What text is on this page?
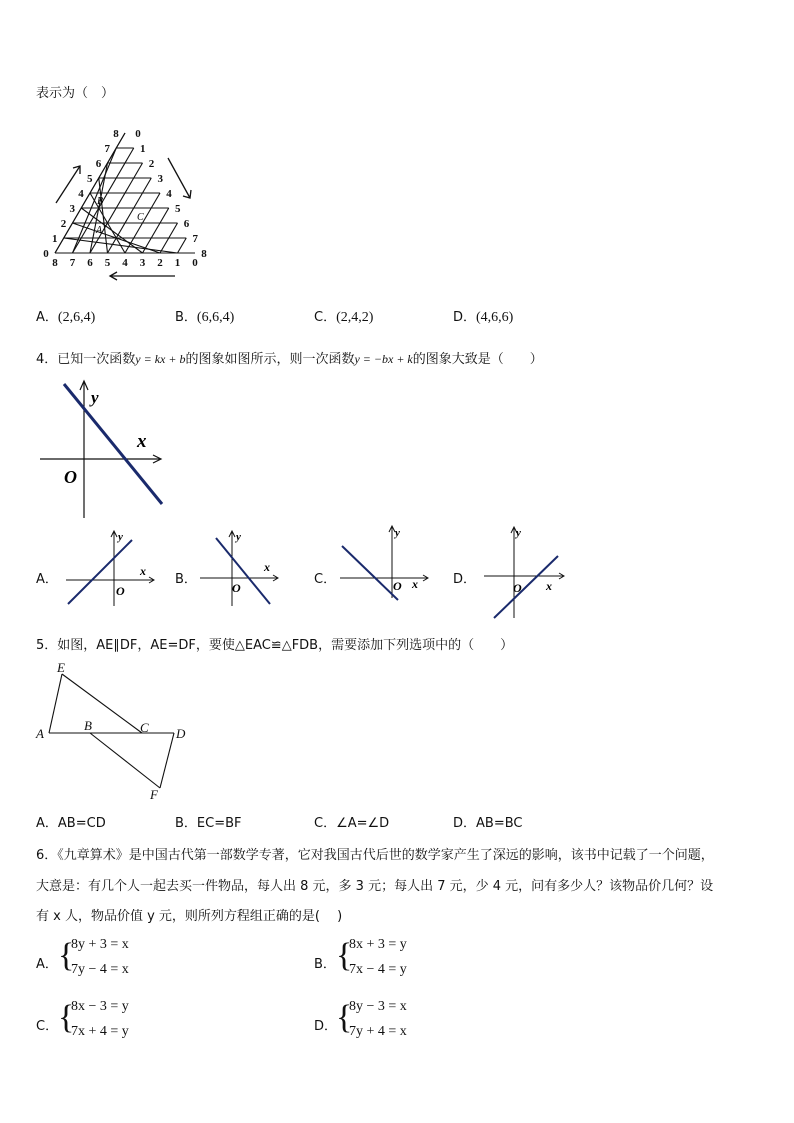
表示为（　）
0
1
2
3
4
5
6
7
8 0
1
2
3
4
5
6
7
8
8 7 6 5 4 3 2 1 0
B
C
A
A．(2,6,4)	B．(6,6,4)	C．(2,4,2)	D．(4,6,6)
4．已知一次函数y = kx + b的图象如图所示，则一次函数y = −bx + k的图象大致是（　　）
y
x
O
A．
y
x
O
B．
y
x
O
C．
y
x
O	D．
y
x
O
5．如图，AE∥DF，AE=DF，要使△EAC≌△FDB，需要添加下列选项中的（　　）
E
A
B	C D
F
A．AB=CD	B．EC=BF	C．∠A=∠D	D．AB=BC
6．《九章算术》是中国古代第一部数学专著，它对我国古代后世的数学家产生了深远的影响，该书中记载了一个问题，
大意是：有几个人一起去买一件物品，每人出 8 元，多 3 元；每人出 7 元，少 4 元，问有多少人？该物品价几何？设
有 x 人，物品价值 y 元，则所列方程组正确的是(　 )
A． {
8y + 3 = x
7y − 4 = x	B． {
8x + 3 = y
7x − 4 = y
C． {
8x − 3 = y
7x + 4 = y	D．
{
8y − 3 = x
7y + 4 = x
